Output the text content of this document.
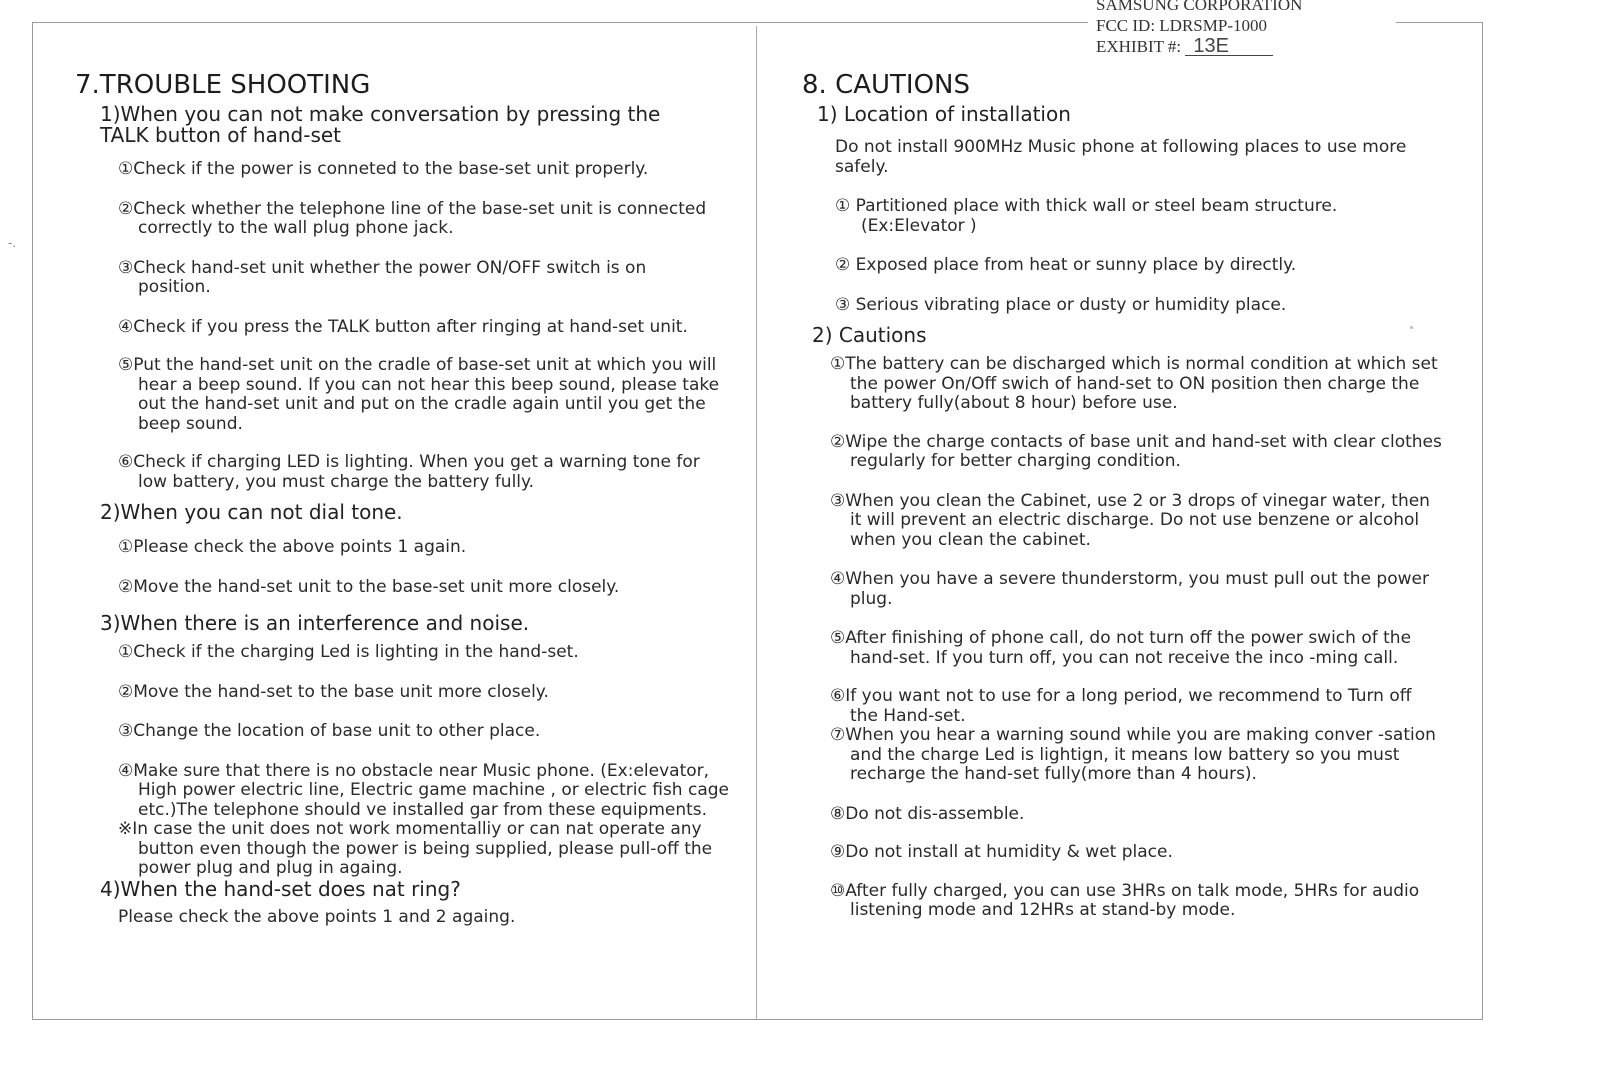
-.
SAMSUNG CORPORATION
FCC ID: LDRSMP-1000
EXHIBIT #: 13E
7.TROUBLE SHOOTING
1)When you can not make conversation by pressing the TALK button of hand-set
①Check if the power is conneted to the base-set unit properly.
②Check whether the telephone line of the base-set unit is connected correctly to the wall plug phone jack.
③Check hand-set unit whether the power ON/OFF switch is on position.
④Check if you press the TALK button after ringing at hand-set unit.
⑤Put the hand-set unit on the cradle of base-set unit at which you will hear a beep sound. If you can not hear this beep sound, please take out the hand-set unit and put on the cradle again until you get the beep sound.
⑥Check if charging LED is lighting. When you get a warning tone for low battery, you must charge the battery fully.
2)When you can not dial tone.
①Please check the above points 1 again.
②Move the hand-set unit to the base-set unit more closely.
3)When there is an interference and noise.
①Check if the charging Led is lighting in the hand-set.
②Move the hand-set to the base unit more closely.
③Change the location of base unit to other place.
④Make sure that there is no obstacle near Music phone. (Ex:elevator, High power electric line, Electric game machine , or electric fish cage etc.)The telephone should ve installed gar from these equipments.
※In case the unit does not work momentalliy or can nat operate any button even though the power is being supplied, please pull-off the power plug and plug in againg.
4)When the hand-set does nat ring?
Please check the above points 1 and 2 againg.
8. CAUTIONS
1) Location of installation
Do not install 900MHz Music phone at following places to use more safely.
① Partitioned place with thick wall or steel beam structure. (Ex:Elevator )
② Exposed place from heat or sunny place by directly.
③ Serious vibrating place or dusty or humidity place.
2) Cautions
①The battery can be discharged which is normal condition at which set the power On/Off swich of hand-set to ON position then charge the battery fully(about 8 hour) before use.
②Wipe the charge contacts of base unit and hand-set with clear clothes regularly for better charging condition.
③When you clean the Cabinet, use 2 or 3 drops of vinegar water, then it will prevent an electric discharge. Do not use benzene or alcohol when you clean the cabinet.
④When you have a severe thunderstorm, you must pull out the power plug.
⑤After finishing of phone call, do not turn off the power swich of the hand-set. If you turn off, you can not receive the inco -ming call.
⑥If you want not to use for a long period, we recommend to Turn off the Hand-set.
⑦When you hear a warning sound while you are making conver -sation and the charge Led is lightign, it means low battery so you must recharge the hand-set fully(more than 4 hours).
⑧Do not dis-assemble.
⑨Do not install at humidity & wet place.
⑩After fully charged, you can use 3HRs on talk mode, 5HRs for audio listening mode and 12HRs at stand-by mode.
